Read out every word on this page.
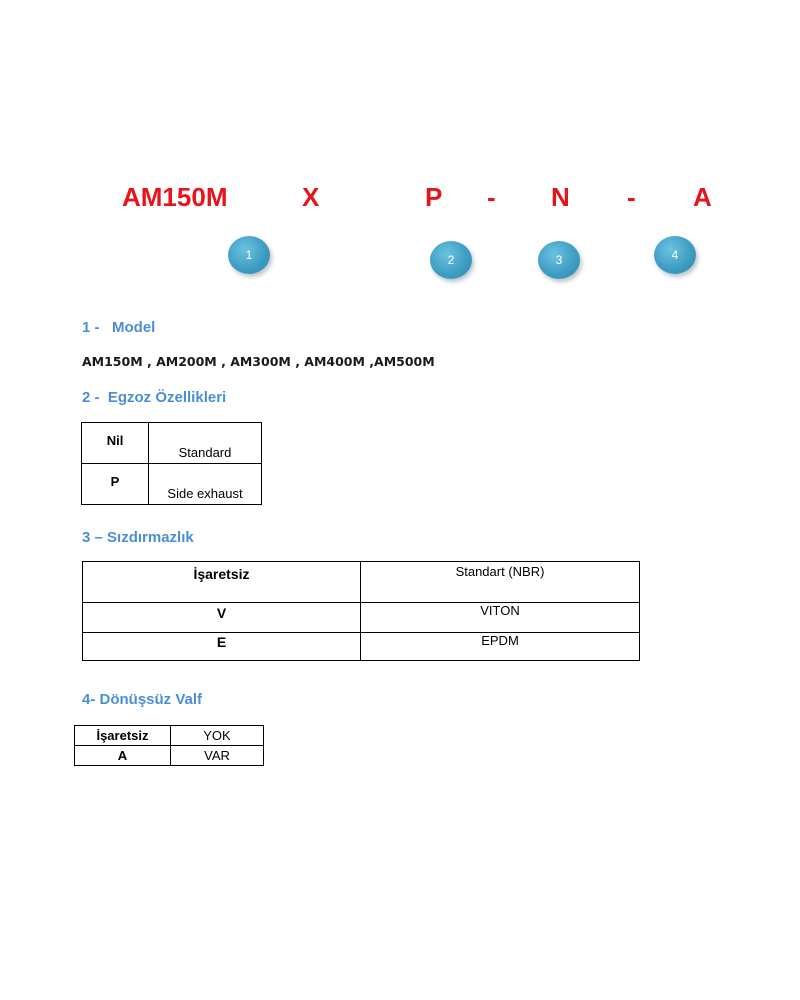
AM150M	X	P - N - A
1	2	3	4
1 -   Model
AM150M , AM200M , AM300M , AM400M ,AM500M
2 -  Egzoz Özellikleri
Nil	Standard
P	Side exhaust
3 – Sızdırmazlık
İşaretsiz	Standart (NBR)
V	VITON
E	EPDM
4- Dönüşsüz Valf
İşaretsiz	YOK
A	VAR
